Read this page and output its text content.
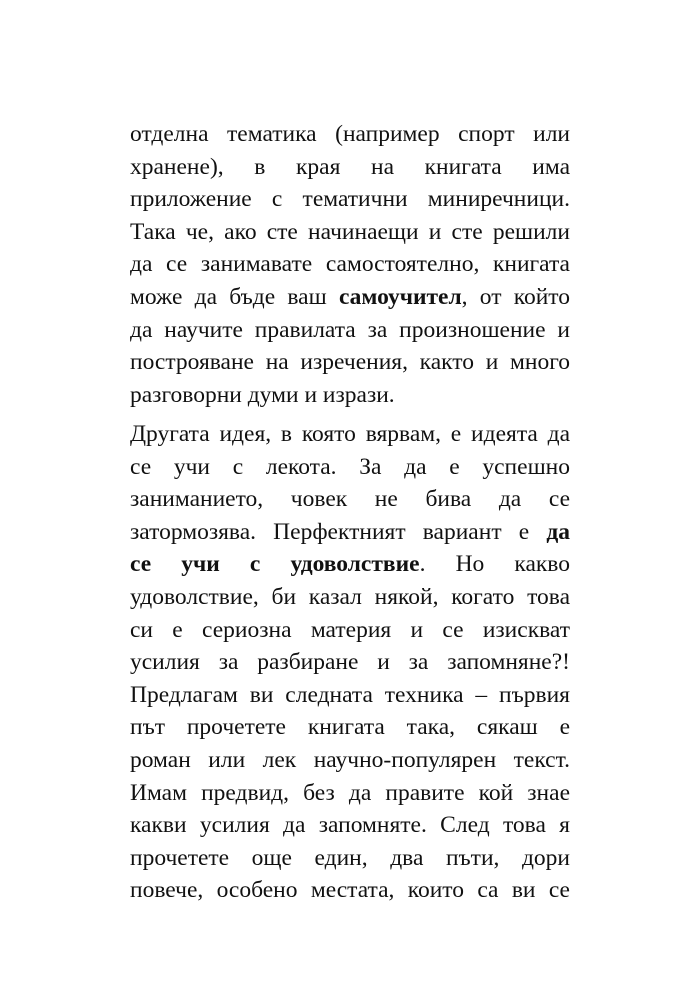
отделна тематика (например спорт или
хранене), в края на книгата има
приложение с тематични миниречници.
Така че, ако сте начинаещи и сте решили
да се занимавате самостоятелно, книгата
може да бъде ваш самоучител, от който
да научите правилата за произношение и
построяване на изречения, както и много
разговорни думи и изрази.
Другата идея, в която вярвам, е идеята да
се учи с лекота. За да е успешно
заниманието, човек не бива да се
затормозява. Перфектният вариант е да
се учи с удоволствие. Но какво
удоволствие, би казал някой, когато това
си е сериозна материя и се изискват
усилия за разбиране и за запомняне?!
Предлагам ви следната техника – първия
път прочетете книгата така, сякаш е
роман или лек научно-популярен текст.
Имам предвид, без да правите кой знае
какви усилия да запомняте. След това я
прочетете още един, два пъти, дори
повече, особено местата, които са ви се
